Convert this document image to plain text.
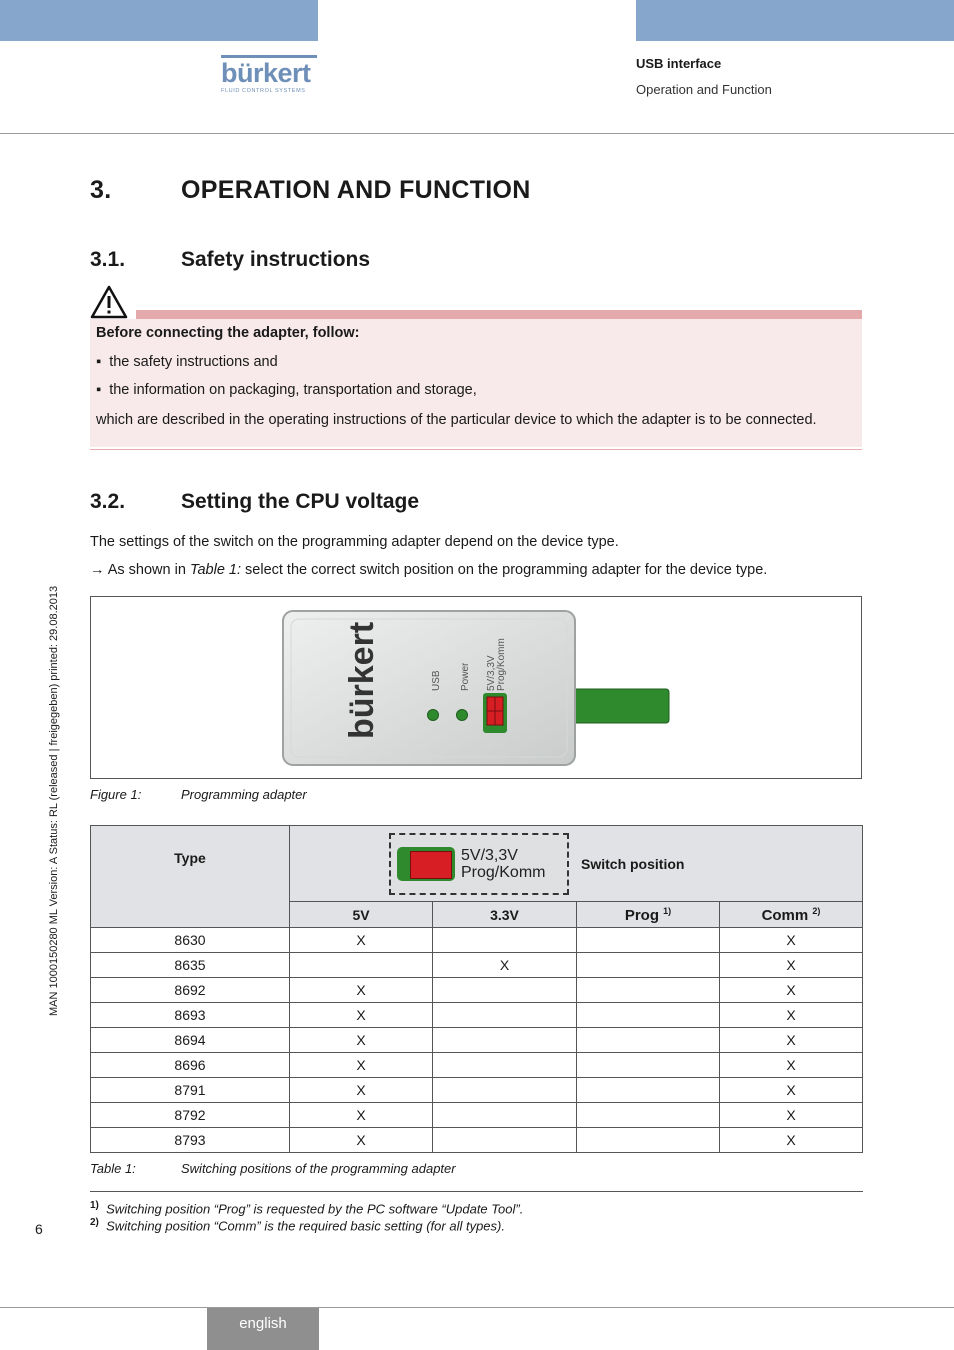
bürkert
FLUID CONTROL SYSTEMS
USB interface
Operation and Function
3.	OPERATION AND FUNCTION
3.1.	Safety instructions
Before connecting the adapter, follow:
▪  the safety instructions and
▪  the information on packaging, transportation and storage,
which are described in the operating instructions of the particular device to which the adapter is to be connected.
3.2.	Setting the CPU voltage
The settings of the switch on the programming adapter depend on the device type.
→ As shown in Table 1: select the correct switch position on the programming adapter for the device type.
bürkert	USB Power 5V/3,3V Prog/Komm
Figure 1:	Programming adapter
Type	5V/3,3V
Prog/Komm Switch position			

	5V	3.3V	Prog $^{1)}$	Comm $^{2)}$
8630	X			X
8635		X		X
8692	X			X
8693	X			X
8694	X			X
8696	X			X
8791	X			X
8792	X			X
8793	X			X
Table 1:	Switching positions of the programming adapter
$^{1)}$ Switching position “Prog” is requested by the PC software “Update Tool”.
$^{2)}$ Switching position “Comm” is the required basic setting (for all types).
MAN 1000150280 ML Version: A Status: RL (released | freigegeben) printed: 29.08.2013
6
english
